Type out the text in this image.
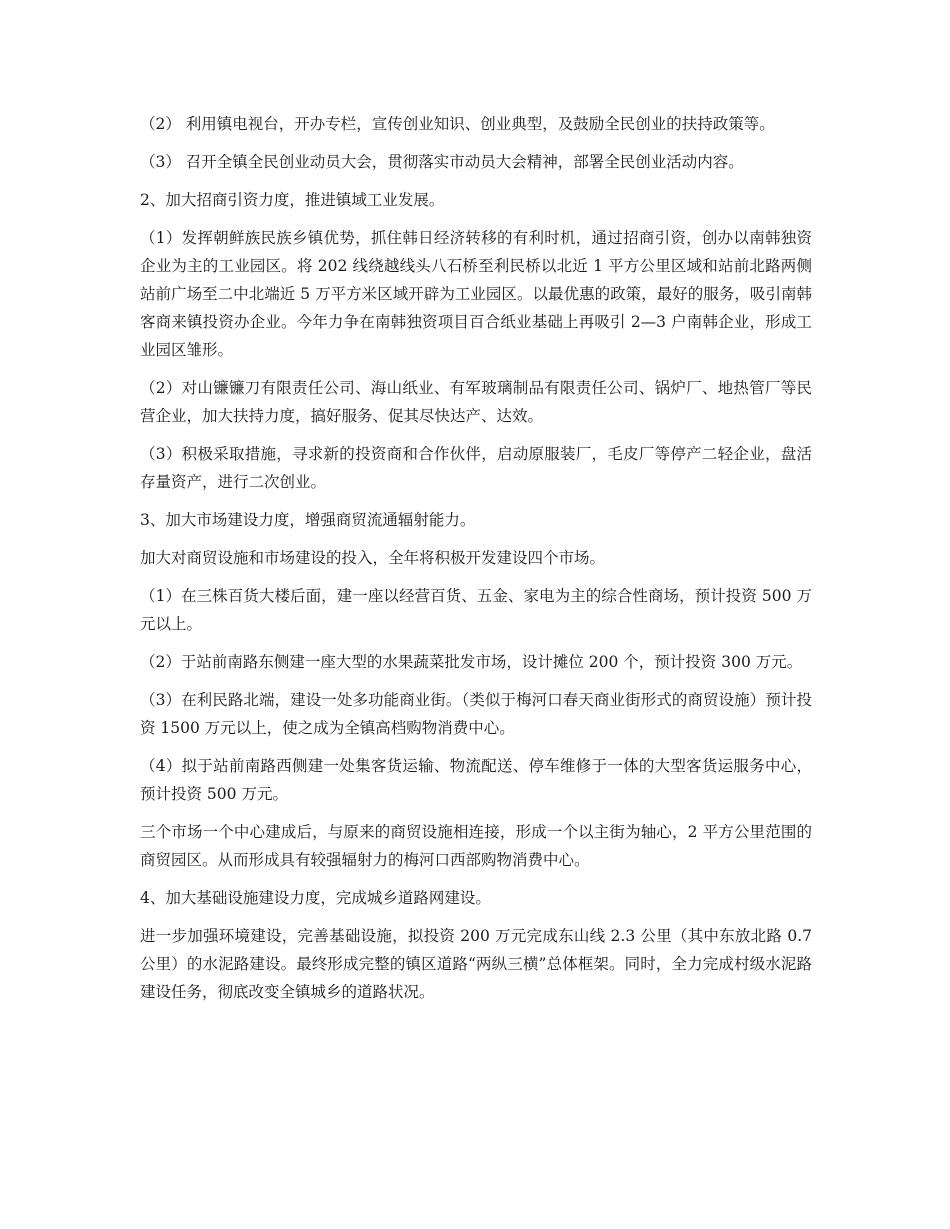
（2） 利用镇电视台，开办专栏，宣传创业知识、创业典型，及鼓励全民创业的扶持政策等。

（3） 召开全镇全民创业动员大会，贯彻落实市动员大会精神，部署全民创业活动内容。

2、加大招商引资力度，推进镇域工业发展。

（1）发挥朝鲜族民族乡镇优势，抓住韩日经济转移的有利时机，通过招商引资，创办以南韩独资企业为主的工业园区。将 202 线绕越线头八石桥至利民桥以北近 1 平方公里区域和站前北路两侧站前广场至二中北端近 5 万平方米区域开辟为工业园区。以最优惠的政策，最好的服务，吸引南韩客商来镇投资办企业。今年力争在南韩独资项目百合纸业基础上再吸引 2—3 户南韩企业，形成工业园区雏形。

（2）对山镰镰刀有限责任公司、海山纸业、有军玻璃制品有限责任公司、锅炉厂、地热管厂等民营企业，加大扶持力度，搞好服务、促其尽快达产、达效。

（3）积极采取措施，寻求新的投资商和合作伙伴，启动原服装厂，毛皮厂等停产二轻企业，盘活存量资产，进行二次创业。

3、加大市场建设力度，增强商贸流通辐射能力。

加大对商贸设施和市场建设的投入，全年将积极开发建设四个市场。

（1）在三株百货大楼后面，建一座以经营百货、五金、家电为主的综合性商场，预计投资 500 万元以上。

（2）于站前南路东侧建一座大型的水果蔬菜批发市场，设计摊位 200 个，预计投资 300 万元。

（3）在利民路北端，建设一处多功能商业街。（类似于梅河口春天商业街形式的商贸设施）预计投资 1500 万元以上，使之成为全镇高档购物消费中心。

（4）拟于站前南路西侧建一处集客货运输、物流配送、停车维修于一体的大型客货运服务中心，预计投资 500 万元。

三个市场一个中心建成后，与原来的商贸设施相连接，形成一个以主街为轴心，2 平方公里范围的商贸园区。从而形成具有较强辐射力的梅河口西部购物消费中心。

4、加大基础设施建设力度，完成城乡道路网建设。

进一步加强环境建设，完善基础设施，拟投资 200 万元完成东山线 2.3 公里（其中东放北路 0.7 公里）的水泥路建设。最终形成完整的镇区道路“两纵三横”总体框架。同时，全力完成村级水泥路建设任务，彻底改变全镇城乡的道路状况。
